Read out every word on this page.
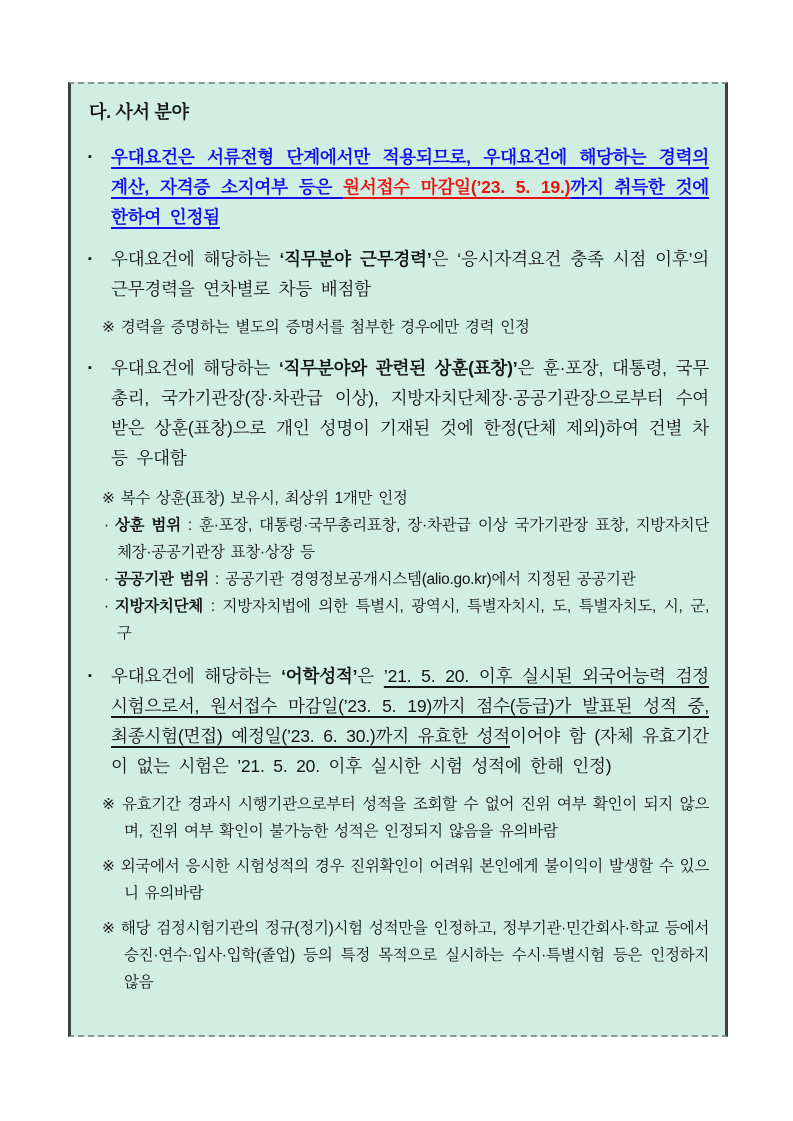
다. 사서 분야
▪	우대요건은 서류전형 단계에서만 적용되므로, 우대요건에 해당하는 경력의 계산, 자격증 소지여부 등은 원서접수 마감일(’23. 5. 19.)까지 취득한 것에 한하여 인정됨

▪	우대요건에 해당하는 ‘직무분야 근무경력’은 ‘응시자격요건 충족 시점 이후’의 근무경력을 연차별로 차등 배점함

※ 경력을 증명하는 별도의 증명서를 첨부한 경우에만 경력 인정

▪	우대요건에 해당하는 ‘직무분야와 관련된 상훈(표창)’은 훈·포장, 대통령, 국무총리, 국가기관장(장·차관급 이상), 지방자치단체장·공공기관장으로부터 수여받은 상훈(표창)으로 개인 성명이 기재된 것에 한정(단체 제외)하여 건별 차등 우대함

※ 복수 상훈(표창) 보유시, 최상위 1개만 인정

· 상훈 범위 : 훈·포장, 대통령·국무총리표창, 장·차관급 이상 국가기관장 표창, 지방자치단체장·공공기관장 표창·상장 등

· 공공기관 범위 : 공공기관 경영정보공개시스템(alio.go.kr)에서 지정된 공공기관

· 지방자치단체 : 지방자치법에 의한 특별시, 광역시, 특별자치시, 도, 특별자치도, 시, 군, 구

▪	우대요건에 해당하는 ‘어학성적’은 ’21. 5. 20. 이후 실시된 외국어능력 검정시험으로서, 원서접수 마감일(’23. 5. 19)까지 점수(등급)가 발표된 성적 중, 최종시험(면접) 예정일(’23. 6. 30.)까지 유효한 성적이어야 함 (자체 유효기간이 없는 시험은 ’21. 5. 20. 이후 실시한 시험 성적에 한해 인정)

※ 유효기간 경과시 시행기관으로부터 성적을 조회할 수 없어 진위 여부 확인이 되지 않으며, 진위 여부 확인이 불가능한 성적은 인정되지 않음을 유의바람

※ 외국에서 응시한 시험성적의 경우 진위확인이 어려워 본인에게 불이익이 발생할 수 있으니 유의바람

※ 해당 검정시험기관의 정규(정기)시험 성적만을 인정하고, 정부기관·민간회사·학교 등에서 승진·연수·입사·입학(졸업) 등의 특정 목적으로 실시하는 수시·특별시험 등은 인정하지 않음
